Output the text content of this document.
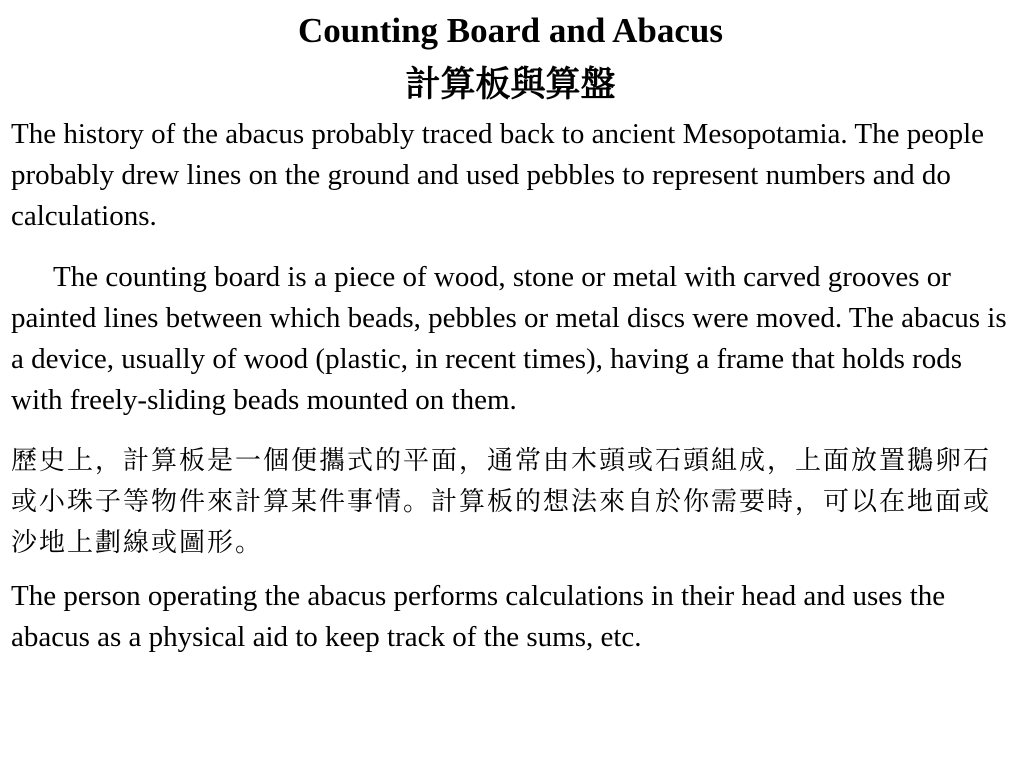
Counting Board and Abacus
計算板與算盤

The history of the abacus probably traced back to ancient Mesopotamia. The people probably drew lines on the ground and used pebbles to represent numbers and do calculations.

The counting board is a piece of wood, stone or metal with carved grooves or painted lines between which beads, pebbles or metal discs were moved. The abacus is a device, usually of wood (plastic, in recent times), having a frame that holds rods with freely-sliding beads mounted on them.

歷史上，計算板是一個便攜式的平面，通常由木頭或石頭組成，上面放置鵝卵石或小珠子等物件來計算某件事情。計算板的想法來自於你需要時，可以在地面或沙地上劃線或圖形。

The person operating the abacus performs calculations in their head and uses the abacus as a physical aid to keep track of the sums, etc.
